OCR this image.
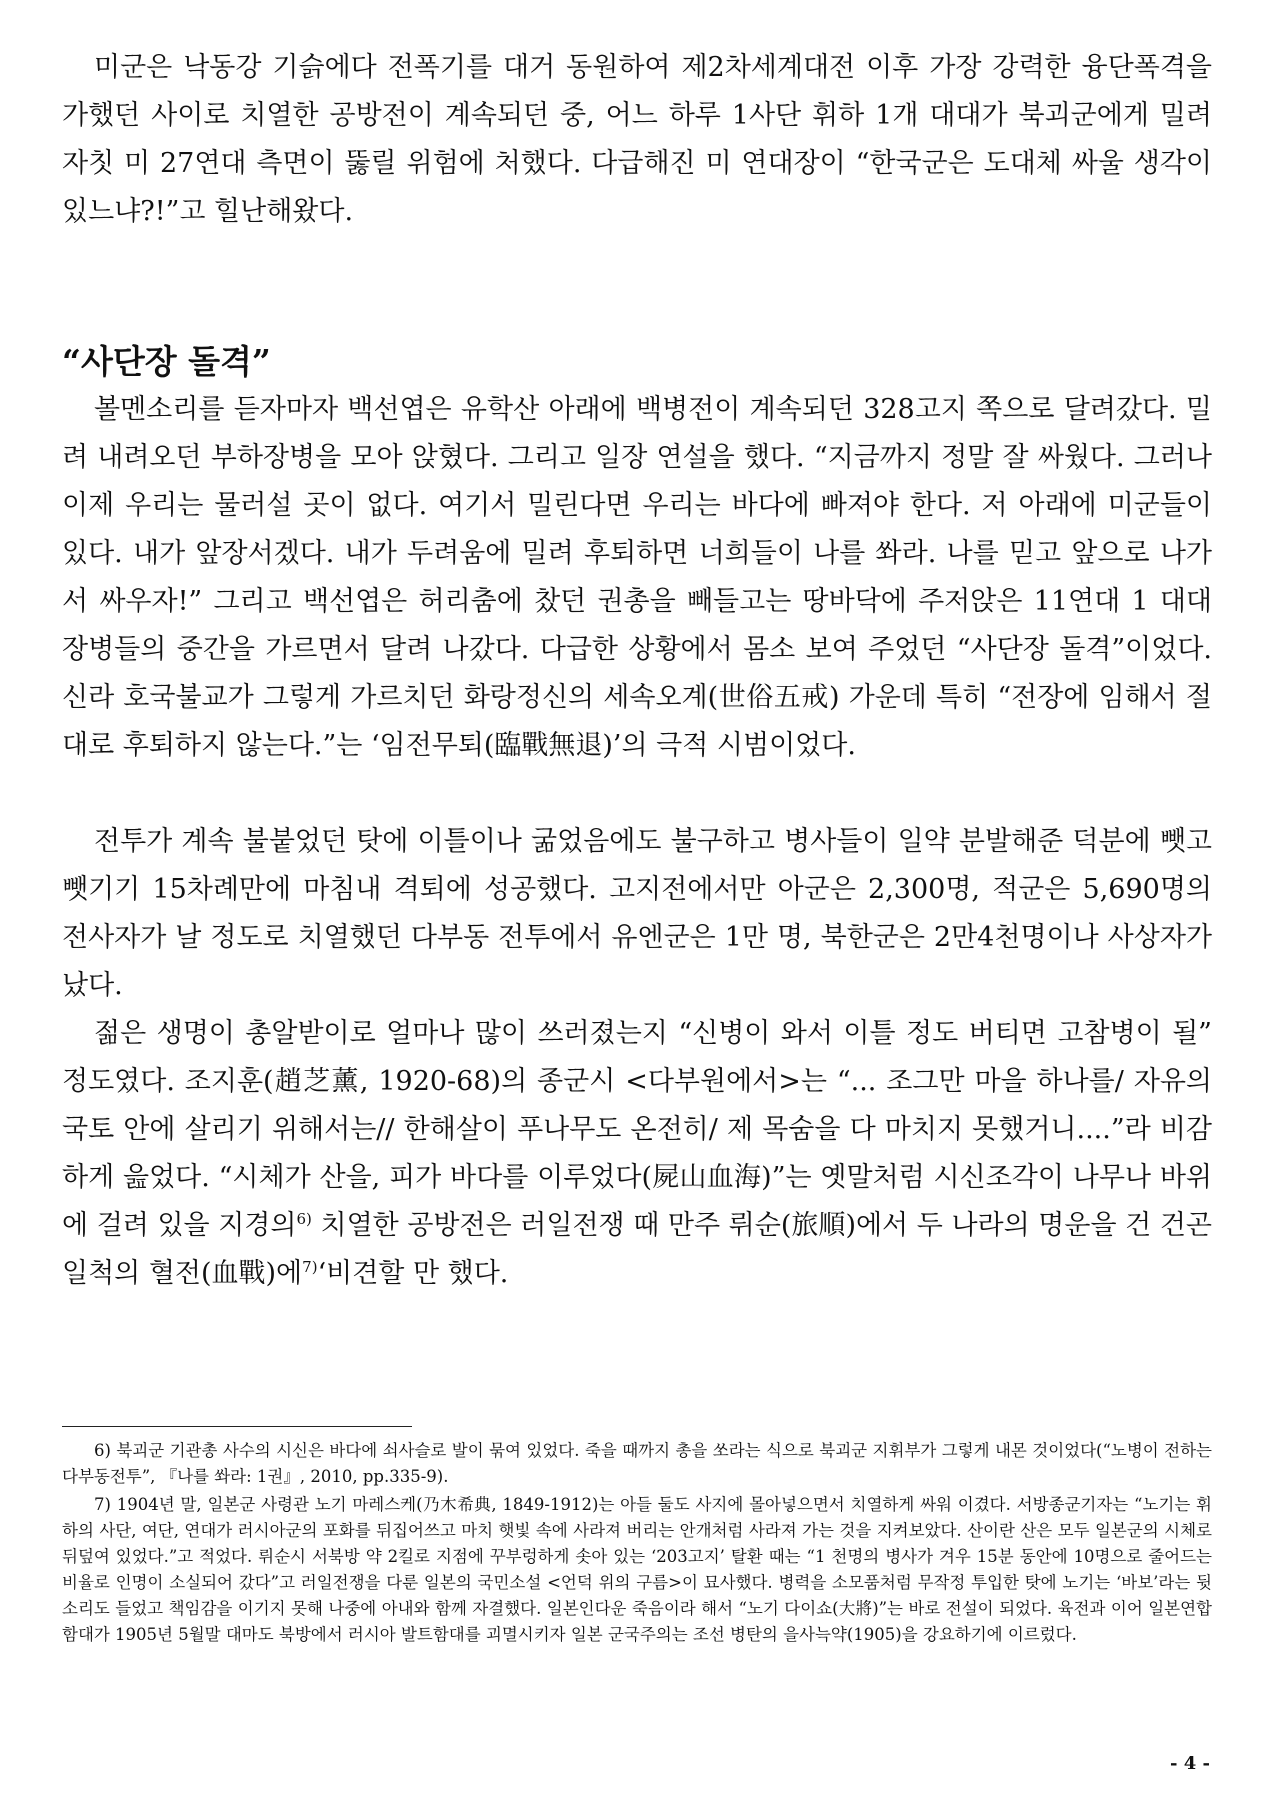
미군은 낙동강 기슭에다 전폭기를 대거 동원하여 제2차세계대전 이후 가장 강력한 융단폭격을 가했던 사이로 치열한 공방전이 계속되던 중, 어느 하루 1사단 휘하 1개 대대가 북괴군에게 밀려 자칫 미 27연대 측면이 뚫릴 위험에 처했다. 다급해진 미 연대장이 “한국군은 도대체 싸울 생각이 있느냐?!”고 힐난해왔다.

“사단장 돌격”

볼멘소리를 듣자마자 백선엽은 유학산 아래에 백병전이 계속되던 328고지 쪽으로 달려갔다. 밀려 내려오던 부하장병을 모아 앉혔다. 그리고 일장 연설을 했다. “지금까지 정말 잘 싸웠다. 그러나 이제 우리는 물러설 곳이 없다. 여기서 밀린다면 우리는 바다에 빠져야 한다. 저 아래에 미군들이 있다. 내가 앞장서겠다. 내가 두려움에 밀려 후퇴하면 너희들이 나를 쏴라. 나를 믿고 앞으로 나가서 싸우자!” 그리고 백선엽은 허리춤에 찼던 권총을 빼들고는 땅바닥에 주저앉은 11연대 1 대대 장병들의 중간을 가르면서 달려 나갔다. 다급한 상황에서 몸소 보여 주었던 “사단장 돌격”이었다. 신라 호국불교가 그렇게 가르치던 화랑정신의 세속오계(世俗五戒) 가운데 특히 “전장에 임해서 절대로 후퇴하지 않는다.”는 ‘임전무퇴(臨戰無退)’의 극적 시범이었다.

전투가 계속 불붙었던 탓에 이틀이나 굶었음에도 불구하고 병사들이 일약 분발해준 덕분에 뺏고 뺏기기 15차례만에 마침내 격퇴에 성공했다. 고지전에서만 아군은 2,300명, 적군은 5,690명의 전사자가 날 정도로 치열했던 다부동 전투에서 유엔군은 1만 명, 북한군은 2만4천명이나 사상자가 났다.

젊은 생명이 총알받이로 얼마나 많이 쓰러졌는지 “신병이 와서 이틀 정도 버티면 고참병이 될” 정도였다. 조지훈(趙芝薰, 1920-68)의 종군시 <다부원에서>는 “... 조그만 마을 하나를/ 자유의 국토 안에 살리기 위해서는// 한해살이 푸나무도 온전히/ 제 목숨을 다 마치지 못했거니....”라 비감하게 읊었다. “시체가 산을, 피가 바다를 이루었다(屍山血海)”는 옛말처럼 시신조각이 나무나 바위에 걸려 있을 지경의$^{6)}$ 치열한 공방전은 러일전쟁 때 만주 뤼순(旅順)에서 두 나라의 명운을 건 건곤일척의 혈전(血戰)에$^{7)}$‘비견할 만 했다.

6) 북괴군 기관총 사수의 시신은 바다에 쇠사슬로 발이 묶여 있었다. 죽을 때까지 총을 쏘라는 식으로 북괴군 지휘부가 그렇게 내몬 것이었다(“노병이 전하는 다부동전투”, 『나를 쏴라: 1권』, 2010, pp.335-9).

7) 1904년 말, 일본군 사령관 노기 마레스케(乃木希典, 1849-1912)는 아들 둘도 사지에 몰아넣으면서 치열하게 싸워 이겼다. 서방종군기자는 “노기는 휘하의 사단, 여단, 연대가 러시아군의 포화를 뒤집어쓰고 마치 햇빛 속에 사라져 버리는 안개처럼 사라져 가는 것을 지켜보았다. 산이란 산은 모두 일본군의 시체로 뒤덮여 있었다.”고 적었다. 뤼순시 서북방 약 2킬로 지점에 꾸부렁하게 솟아 있는 ‘203고지’ 탈환 때는 “1 천명의 병사가 겨우 15분 동안에 10명으로 줄어드는 비율로 인명이 소실되어 갔다”고 러일전쟁을 다룬 일본의 국민소설 <언덕 위의 구름>이 묘사했다. 병력을 소모품처럼 무작정 투입한 탓에 노기는 ‘바보’라는 뒷소리도 들었고 책임감을 이기지 못해 나중에 아내와 함께 자결했다. 일본인다운 죽음이라 해서 “노기 다이쇼(大將)”는 바로 전설이 되었다. 육전과 이어 일본연합함대가 1905년 5월말 대마도 북방에서 러시아 발트함대를 괴멸시키자 일본 군국주의는 조선 병탄의 을사늑약(1905)을 강요하기에 이르렀다.

- 4 -
